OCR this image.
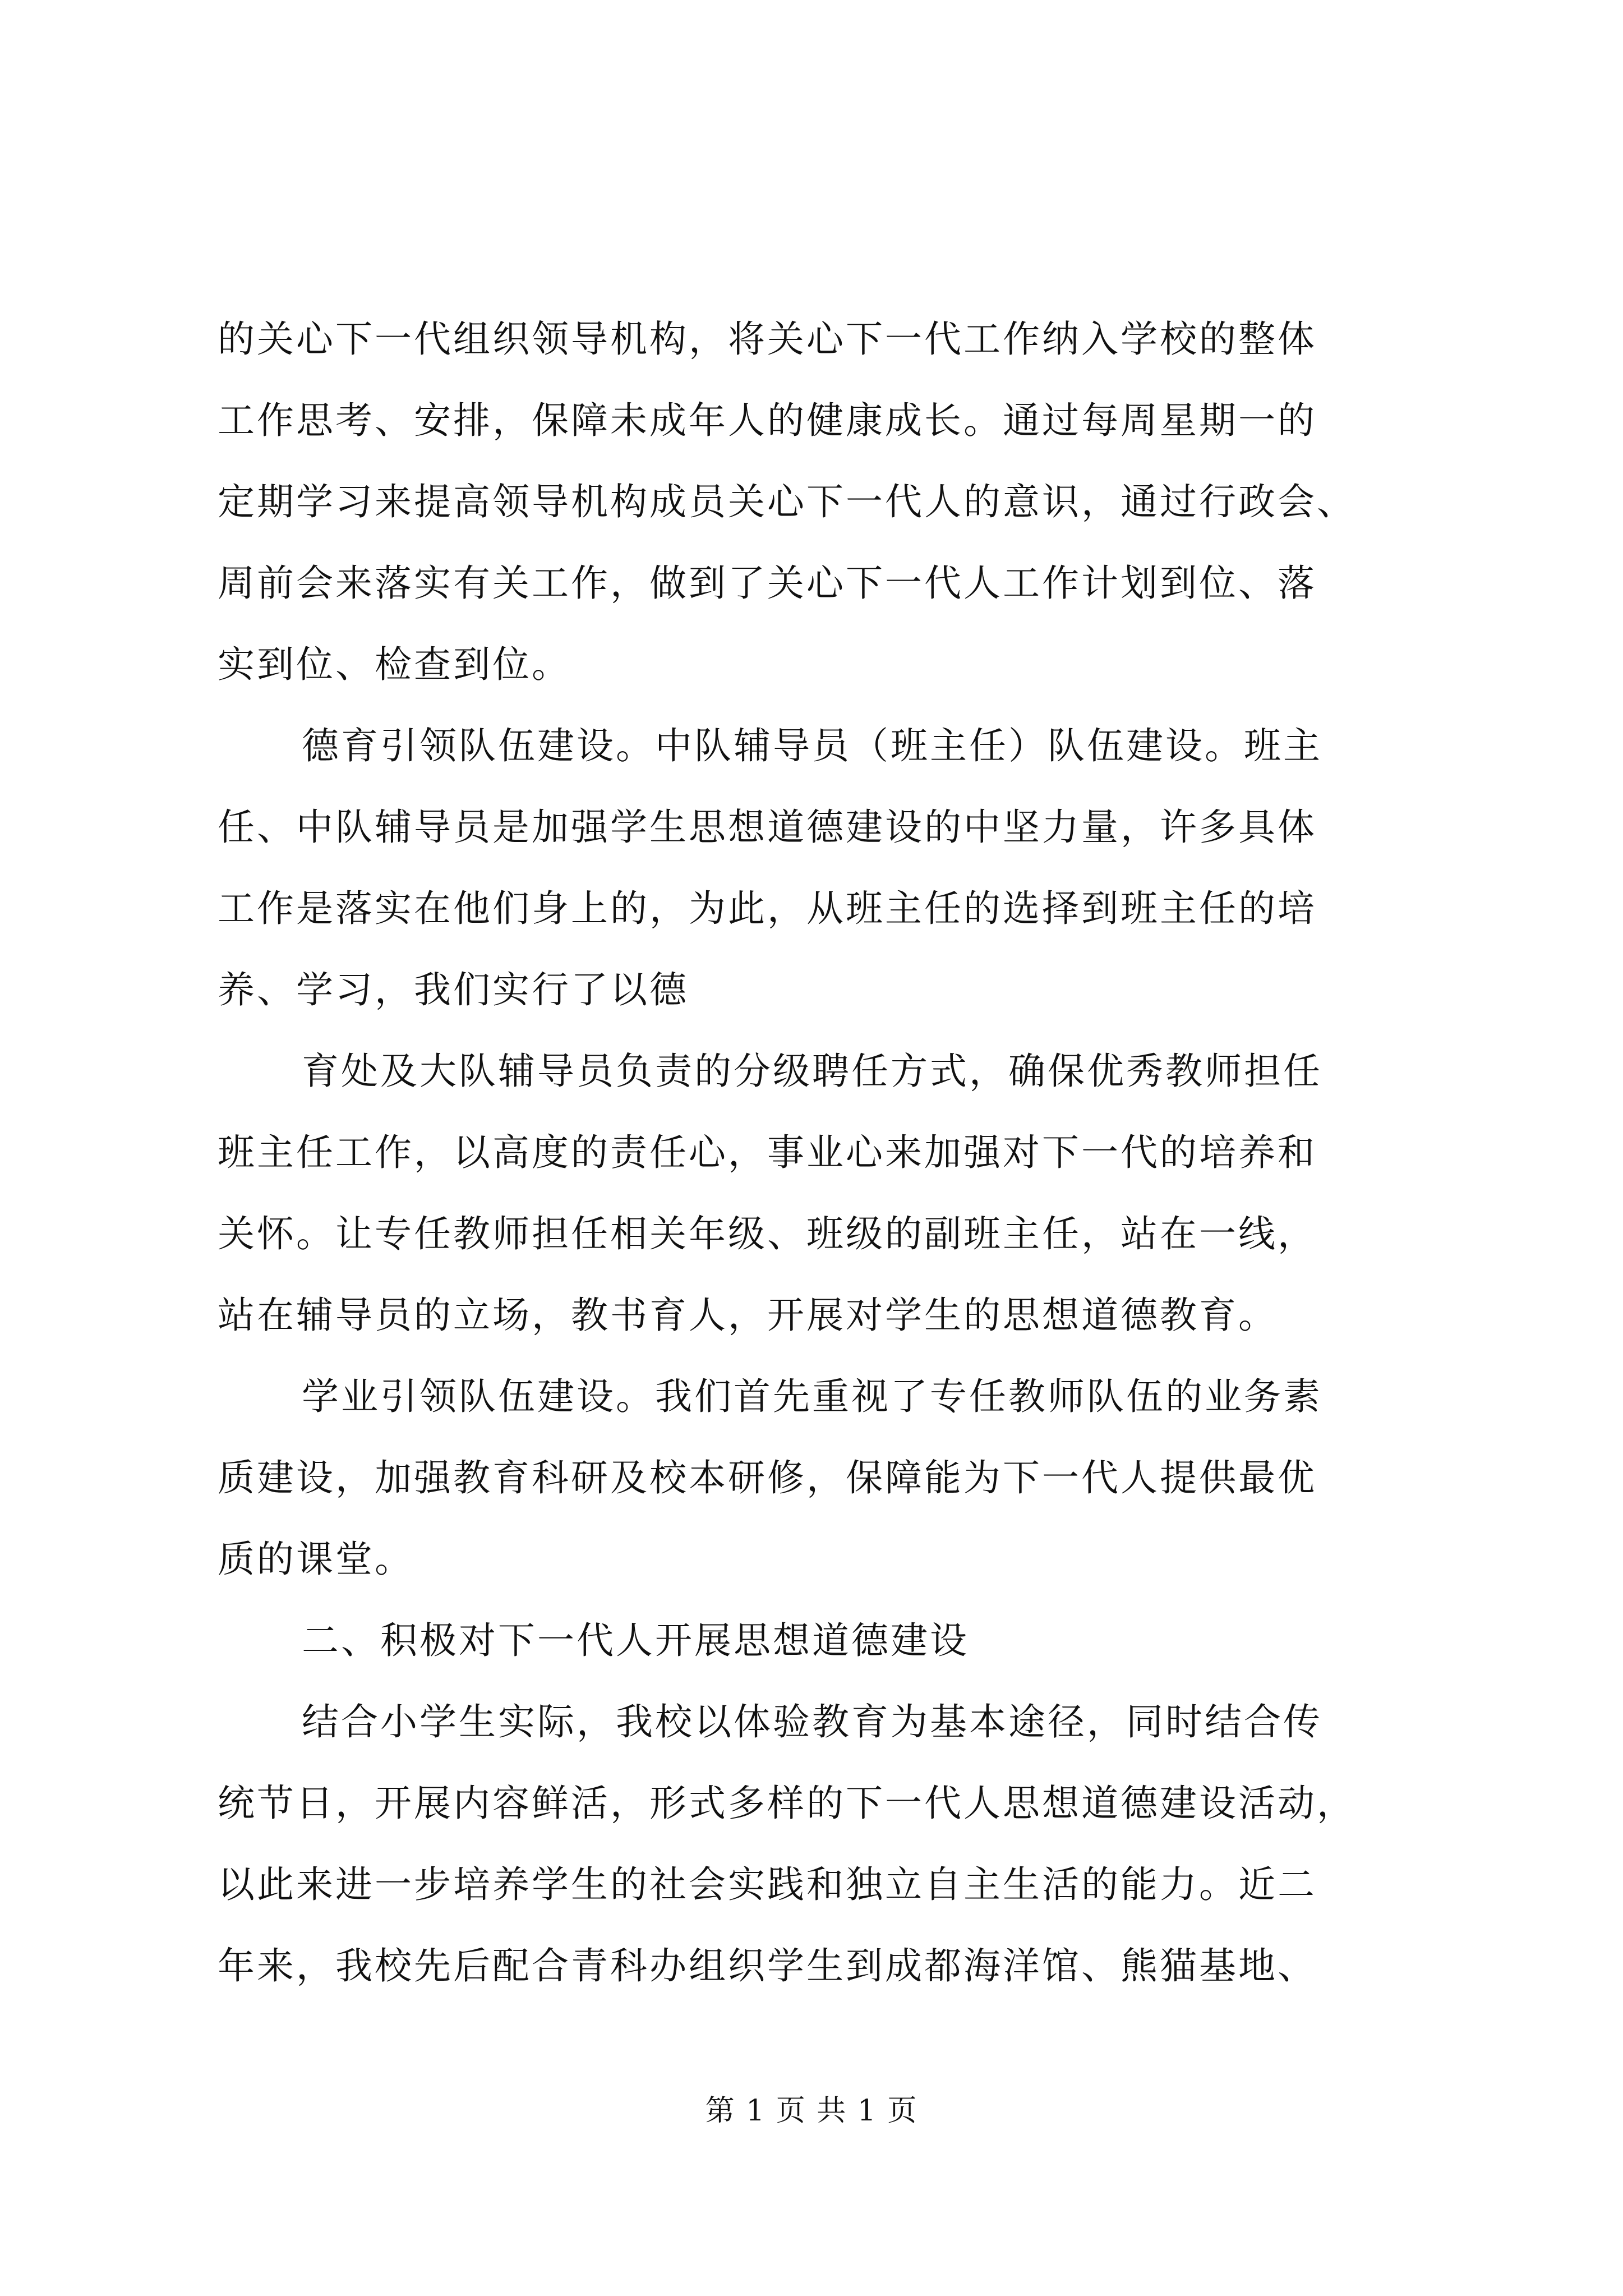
的关心下一代组织领导机构，将关心下一代工作纳入学校的整体
工作思考、安排，保障未成年人的健康成长。通过每周星期一的
定期学习来提高领导机构成员关心下一代人的意识，通过行政会、
周前会来落实有关工作，做到了关心下一代人工作计划到位、落
实到位、检查到位。
德育引领队伍建设。中队辅导员（班主任）队伍建设。班主
任、中队辅导员是加强学生思想道德建设的中坚力量，许多具体
工作是落实在他们身上的，为此，从班主任的选择到班主任的培
养、学习，我们实行了以德
育处及大队辅导员负责的分级聘任方式，确保优秀教师担任
班主任工作，以高度的责任心，事业心来加强对下一代的培养和
关怀。让专任教师担任相关年级、班级的副班主任，站在一线，
站在辅导员的立场，教书育人，开展对学生的思想道德教育。
学业引领队伍建设。我们首先重视了专任教师队伍的业务素
质建设，加强教育科研及校本研修，保障能为下一代人提供最优
质的课堂。
二、积极对下一代人开展思想道德建设
结合小学生实际，我校以体验教育为基本途径，同时结合传
统节日，开展内容鲜活，形式多样的下一代人思想道德建设活动，
以此来进一步培养学生的社会实践和独立自主生活的能力。近二
年来，我校先后配合青科办组织学生到成都海洋馆、熊猫基地、
第 1 页 共 1 页
